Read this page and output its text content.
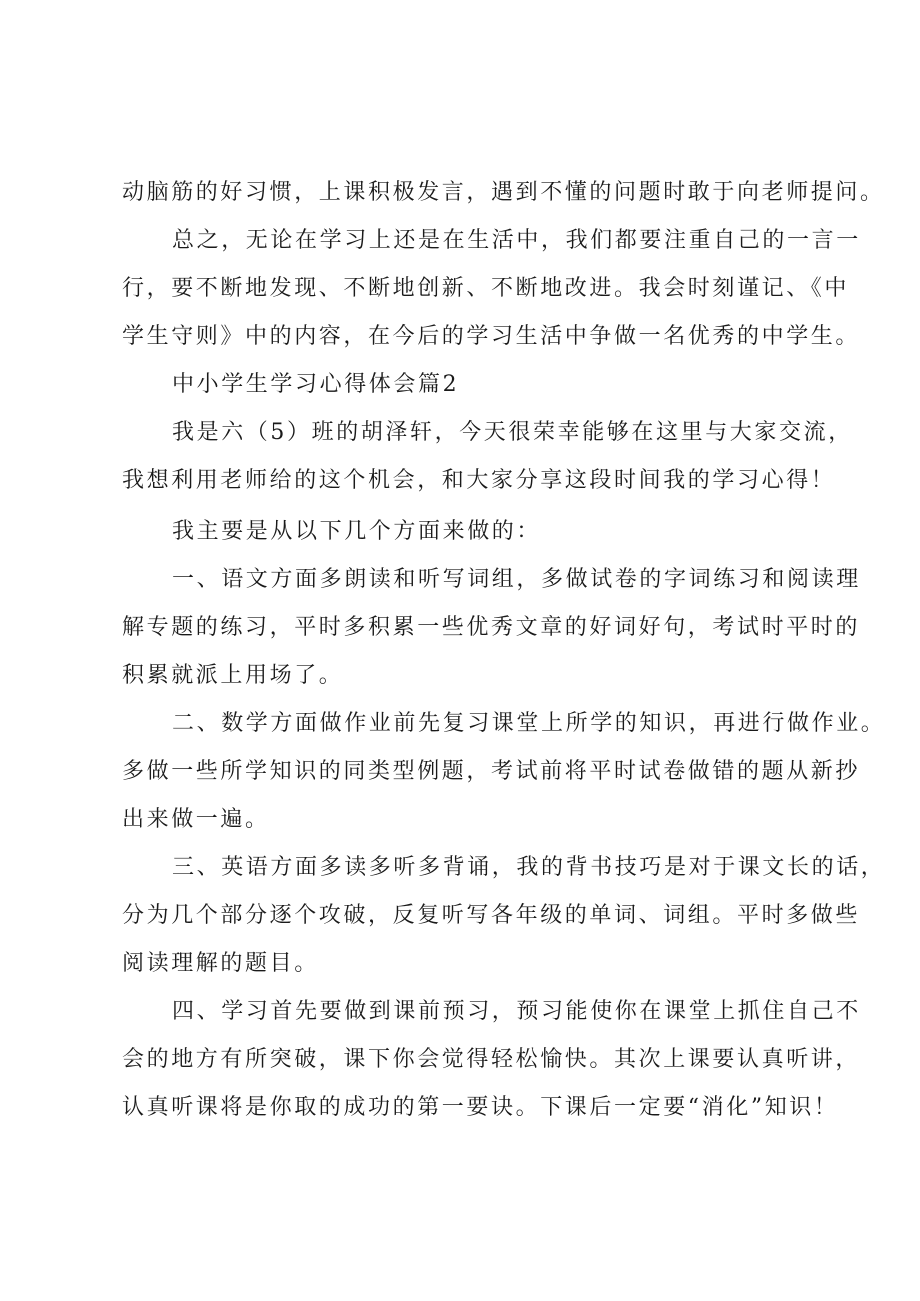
动脑筋的好习惯，上课积极发言，遇到不懂的问题时敢于向老师提问。
总之，无论在学习上还是在生活中，我们都要注重自己的一言一
行，要不断地发现、不断地创新、不断地改进。我会时刻谨记、《中
学生守则》中的内容，在今后的学习生活中争做一名优秀的中学生。
中小学生学习心得体会篇2
我是六（5）班的胡泽轩，今天很荣幸能够在这里与大家交流，
我想利用老师给的这个机会，和大家分享这段时间我的学习心得！
我主要是从以下几个方面来做的：
一、语文方面多朗读和听写词组，多做试卷的字词练习和阅读理
解专题的练习，平时多积累一些优秀文章的好词好句，考试时平时的
积累就派上用场了。
二、数学方面做作业前先复习课堂上所学的知识，再进行做作业。
多做一些所学知识的同类型例题，考试前将平时试卷做错的题从新抄
出来做一遍。
三、英语方面多读多听多背诵，我的背书技巧是对于课文长的话，
分为几个部分逐个攻破，反复听写各年级的单词、词组。平时多做些
阅读理解的题目。
四、学习首先要做到课前预习，预习能使你在课堂上抓住自己不
会的地方有所突破，课下你会觉得轻松愉快。其次上课要认真听讲，
认真听课将是你取的成功的第一要诀。下课后一定要“消化”知识！
